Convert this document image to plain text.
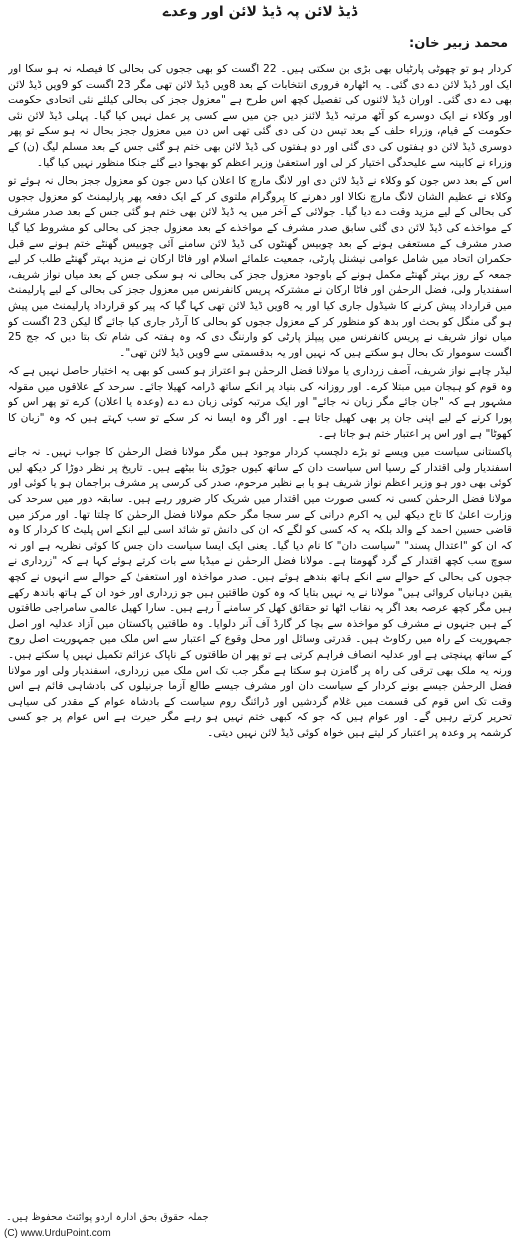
ڈیڈ لائن پہ ڈیڈ لائن اور وعدے
محمد زبیر خان:

کردار ہو تو چھوٹی پارٹیاں بھی بڑی بن سکتی ہیں۔ 22 اگست کو بھی ججوں کی بحالی کا فیصلہ نہ ہو سکا اور ایک اور ڈیڈ لائن دے دی گئی۔ یہ اٹھارہ فروری انتخابات کے بعد 8ویں ڈیڈ لائن تھی مگر 23 اگست کو 9ویں ڈیڈ لائن بھی دے دی گئی۔ اوران ڈیڈ لائنوں کی تفصیل کچھ اس طرح ہے "معزول ججز کی بحالی کیلئے نئی اتحادی حکومت اور وکلاء نے ایک دوسرے کو آٹھ مرتبہ ڈیڈ لائنز دیں جن میں سے کسی پر عمل نہیں کیا گیا۔ پہلی ڈیڈ لائن نئی حکومت کے قیام، وزراء حلف کے بعد تیس دن کی دی گئی تھی اس دن میں معزول ججز بحال نہ ہو سکے تو پھر دوسری ڈیڈ لائن دو ہفتوں کی دی گئی اور دو ہفتوں کی ڈیڈ لائن بھی ختم ہو گئی جس کے بعد مسلم لیگ (ن) کے وزراء نے کابینہ سے علیحدگی اختیار کر لی اور استعفیٰ وزیر اعظم کو بھجوا دیے گئے جنکا منظور نہیں کیا گیا۔

اس کے بعد دس جون کو وکلاء نے ڈیڈ لائن دی اور لانگ مارچ کا اعلان کیا دس جون کو معزول ججز بحال نہ ہوئے تو وکلاء نے عظیم الشان لانگ مارچ نکالا اور دھرنے کا پروگرام ملتوی کر کے ایک دفعہ پھر پارلیمنٹ کو معزول ججوں کی بحالی کے لیے مزید وقت دے دیا گیا۔ جولائی کے آخر میں یہ ڈیڈ لائن بھی ختم ہو گئی جس کے بعد صدر مشرف کے مواخذے کی ڈیڈ لائن دی گئی سابق صدر مشرف کے مواخذے کے بعد معزول ججز کی بحالی کو مشروط کیا گیا صدر مشرف کے مستعفی ہونے کے بعد چوبیس گھنٹوں کی ڈیڈ لائن سامنے آئی چوبیس گھنٹے ختم ہونے سے قبل حکمران اتحاد میں شامل عوامی نیشنل پارٹی، جمعیت علمائے اسلام اور فاٹا ارکان نے مزید بہتر گھنٹے طلب کر لیے جمعہ کے روز بہتر گھنٹے مکمل ہونے کے باوجود معزول ججز کی بحالی نہ ہو سکی جس کے بعد میاں نواز شریف، اسفندیار ولی، فضل الرحمٰن اور فاٹا ارکان نے مشترکہ پریس کانفرنس میں معزول ججز کی بحالی کے لیے پارلیمنٹ میں قرارداد پیش کرنے کا شیڈول جاری کیا اور یہ 8ویں ڈیڈ لائن تھی کہا گیا کہ پیر کو قرارداد پارلیمنٹ میں پیش ہو گی منگل کو بحث اور بدھ کو منظور کر کے معزول ججوں کو بحالی کا آرڈر جاری کیا جائے گا لیکن 23 اگست کو میاں نواز شریف نے پریس کانفرنس میں پیپلز پارٹی کو وارننگ دی کہ وہ ہفتہ کی شام تک بتا دیں کہ جج 25 اگست سوموار تک بحال ہو سکتے ہیں کہ نہیں اور یہ بدقسمتی سے 9ویں ڈیڈ لائن تھی"۔

لیڈر چاہے نواز شریف، آصف زرداری یا مولانا فضل الرحمٰن ہو اعتراز ہو کسی کو بھی یہ اختیار حاصل نہیں ہے کہ وہ قوم کو ہیجان میں مبتلا کرے۔ اور روزانہ کی بنیاد پر انکے ساتھ ڈرامہ کھیلا جائے۔ سرحد کے علاقوں میں مقولہ مشہور ہے کہ "جان جائے مگر زبان نہ جائے" اور ایک مرتبہ کوئی زبان دے دے (وعدہ یا اعلان) کرے تو پھر اس کو پورا کرنے کے لیے اپنی جان پر بھی کھیل جاتا ہے۔ اور اگر وہ ایسا نہ کر سکے تو سب کہتے ہیں کہ وہ "زبان کا کھوٹا" ہے اور اس پر اعتبار ختم ہو جاتا ہے۔

پاکستانی سیاست میں ویسے تو بڑے دلچسپ کردار موجود ہیں مگر مولانا فضل الرحمٰن کا جواب نہیں۔ نہ جانے اسفندیار ولی اقتدار کے رسیا اس سیاست دان کے ساتھ کیوں جوڑی بنا بیٹھے ہیں۔ تاریخ پر نظر دوڑا کر دیکھ لیں کوئی بھی دور ہو وزیر اعظم نواز شریف ہو یا بے نظیر مرحوم، صدر کی کرسی پر مشرف براجمان ہو یا کوئی اور مولانا فضل الرحمٰن کسی نہ کسی صورت میں اقتدار میں شریک کار ضرور رہے ہیں۔ سابقہ دور میں سرحد کی وزارت اعلیٰ کا تاج دیکھ لیں یہ اکرم درانی کے سر سجا مگر حکم مولانا فضل الرحمٰن کا چلتا تھا۔ اور مرکز میں قاضی حسین احمد کے والد بلکہ یہ کہ کسی کو لگے کہ ان کی دانش تو شائد اسی لیے انکے اس پلیٹ کا کردار کا وہ کہ ان کو "اعتدال پسند" "سیاست دان" کا نام دیا گیا۔ یعنی ایک ایسا سیاست دان جس کا کوئی نظریہ ہے اور نہ سوچ سب کچھ اقتدار کے گرد گھومتا ہے۔ مولانا فضل الرحمٰن نے میڈیا سے بات کرتے ہوئے کہا ہے کہ "زرداری نے ججوں کی بحالی کے حوالے سے انکے ہاتھ بندھے ہوئے ہیں۔ صدر مواخذہ اور استعفیٰ کے حوالے سے انہوں نے کچھ یقین دہانیاں کروائی ہیں" مولانا نے یہ نہیں بتایا کہ وہ کون طاقتیں ہیں جو زرداری اور خود ان کے ہاتھ باندھ رکھے ہیں مگر کچھ عرصہ بعد اگر یہ نقاب اٹھا تو حقائق کھل کر سامنے آ رہے ہیں۔ سارا کھیل عالمی سامراجی طاقتوں کے ہیں جنہوں نے مشرف کو مواخذہ سے بچا کر گارڈ آف آنر دلوایا۔ وہ طاقتیں پاکستان میں آزاد عدلیہ اور اصل جمہوریت کے راہ میں رکاوٹ ہیں۔ قدرتی وسائل اور محل وقوع کے اعتبار سے اس ملک میں جمہوریت اصل روح کے ساتھ پہنچتی ہے اور عدلیہ انصاف فراہم کرتی ہے تو پھر ان طاقتوں کے ناپاک عزائم تکمیل نہیں پا سکتے ہیں۔ ورنہ یہ ملک بھی ترقی کی راہ پر گامزن ہو سکتا ہے مگر جب تک اس ملک میں زرداری، اسفندیار ولی اور مولانا فضل الرحمٰن جیسے بونے کردار کے سیاست دان اور مشرف جیسے طالع آزما جرنیلوں کی بادشاہی قائم ہے اس وقت تک اس قوم کی قسمت میں غلام گردشیں اور ڈرائنگ روم سیاست کے بادشاہ عوام کے مقدر کی سیاہی تحریر کرتے رہیں گے۔ اور عوام ہیں کہ جو کہ کبھی ختم نہیں ہو رہے مگر حیرت ہے اس عوام پر جو کسی کرشمہ پر وعدہ پر اعتبار کر لیتے ہیں خواہ کوئی ڈیڈ لائن نہیں دیتی۔

جملہ حقوق بحق ادارہ اردو پوائنٹ محفوظ ہیں۔
(C) www.UrduPoint.com
